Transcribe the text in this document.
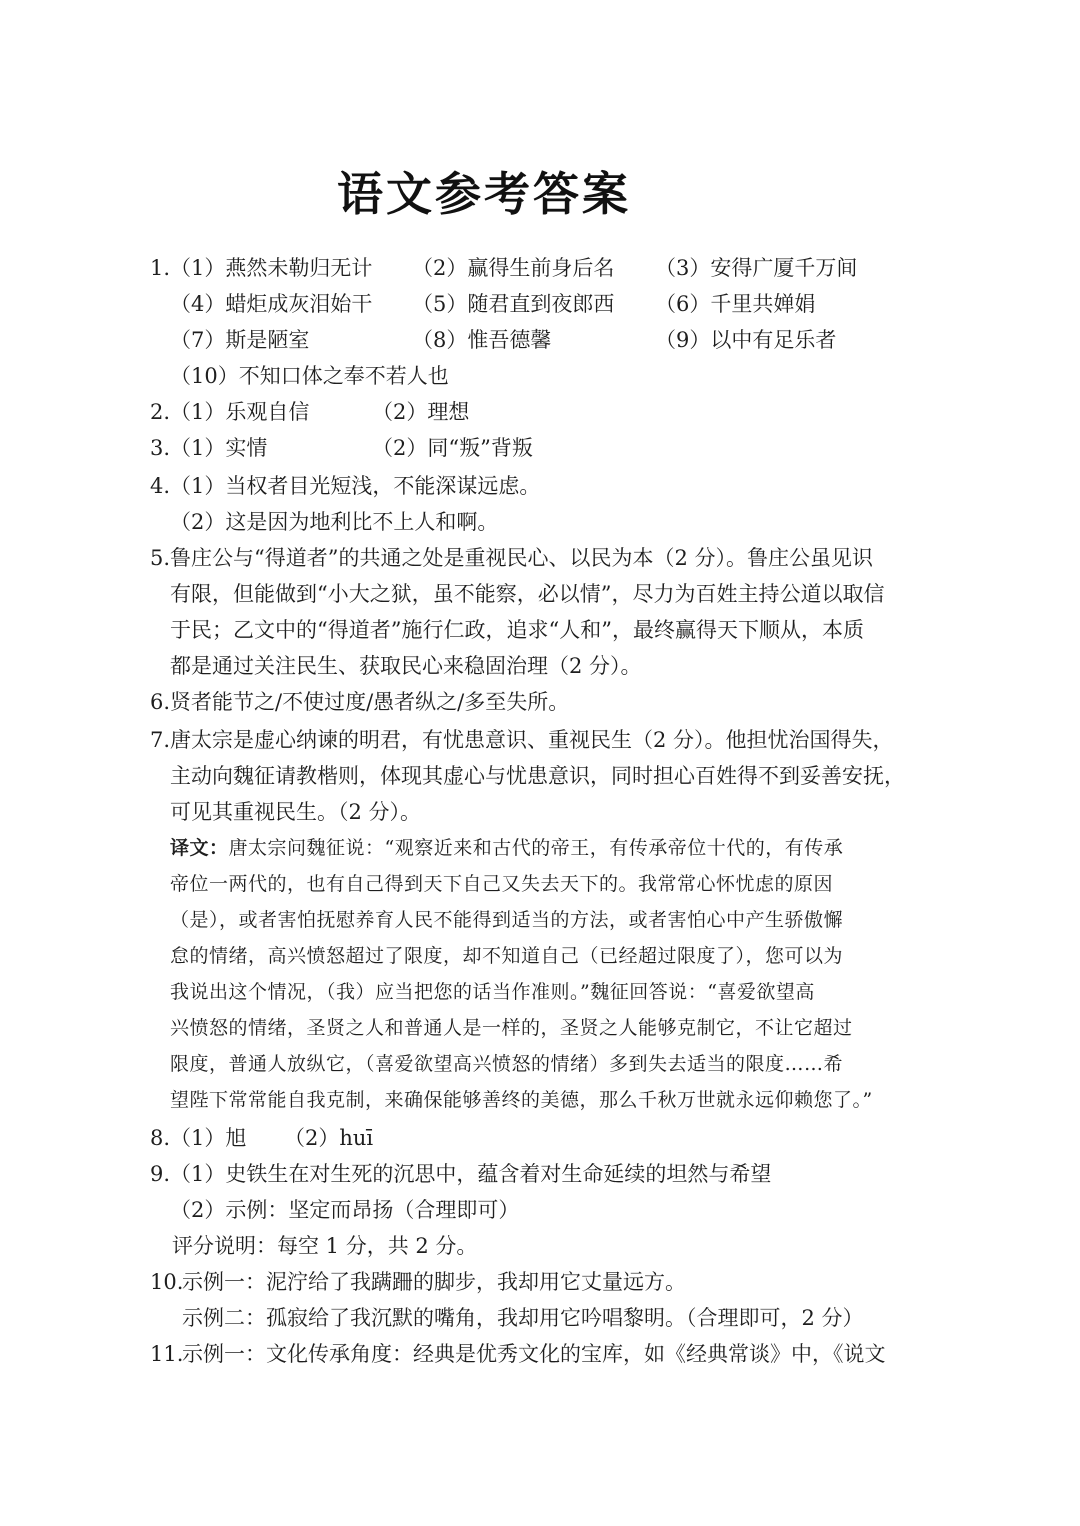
语文参考答案
1. （1）燕然未勒归无计 （2）赢得生前身后名 （3）安得广厦千万间
（4）蜡炬成灰泪始干 （5）随君直到夜郎西 （6）千里共婵娟
（7）斯是陋室	（8）惟吾德馨	（9）以中有足乐者
（10）不知口体之奉不若人也
2. （1）乐观自信	（2）理想
3. （1）实情	（2）同“叛”背叛
4. （1）当权者目光短浅，不能深谋远虑。
（2）这是因为地利比不上人和啊。
5. 鲁庄公与“得道者”的共通之处是重视民心、以民为本（2 分）。鲁庄公虽见识
有限，但能做到“小大之狱，虽不能察，必以情”，尽力为百姓主持公道以取信
于民；乙文中的“得道者”施行仁政，追求“人和”，最终赢得天下顺从，本质
都是通过关注民生、获取民心来稳固治理（2 分）。
6. 贤者能节之/不使过度/愚者纵之/多至失所。
7. 唐太宗是虚心纳谏的明君，有忧患意识、重视民生（2 分）。他担忧治国得失，
主动向魏征请教楷则，体现其虚心与忧患意识，同时担心百姓得不到妥善安抚，
可见其重视民生。（2 分）。
译文：唐太宗问魏征说：“观察近来和古代的帝王，有传承帝位十代的，有传承
帝位一两代的，也有自己得到天下自己又失去天下的。我常常心怀忧虑的原因
（是），或者害怕抚慰养育人民不能得到适当的方法，或者害怕心中产生骄傲懈
怠的情绪，高兴愤怒超过了限度，却不知道自己（已经超过限度了），您可以为
我说出这个情况，（我）应当把您的话当作准则。”魏征回答说：“喜爱欲望高
兴愤怒的情绪，圣贤之人和普通人是一样的，圣贤之人能够克制它，不让它超过
限度，普通人放纵它，（喜爱欲望高兴愤怒的情绪）多到失去适当的限度……希
望陛下常常能自我克制，来确保能够善终的美德，那么千秋万世就永远仰赖您了。”
8. （1）旭 （2）huī
9. （1）史铁生在对生死的沉思中，蕴含着对生命延续的坦然与希望
（2）示例：坚定而昂扬（合理即可）
评分说明：每空 1 分，共 2 分。
10.
示例一：泥泞给了我蹒跚的脚步，我却用它丈量远方。
示例二：孤寂给了我沉默的嘴角，我却用它吟唱黎明。（合理即可，2 分）
11.
示例一：文化传承角度：经典是优秀文化的宝库，如《经典常谈》中，《说文
